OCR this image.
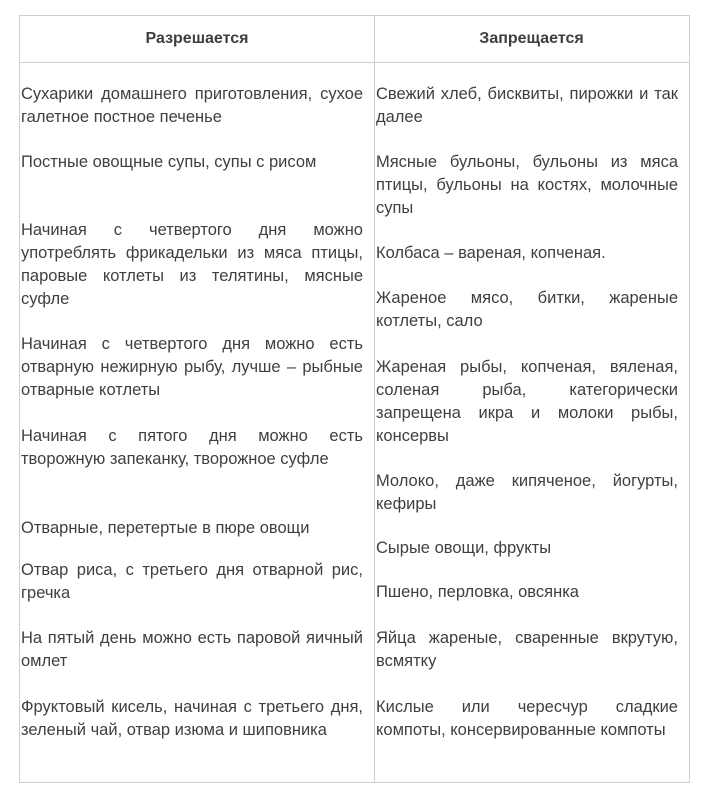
Разрешается	Запрещается
Сухарики домашнего приготовления, сухое галетное постное печенье
Постные овощные супы, супы с рисом
Начиная с четвертого дня можно употреблять фрикадельки из мяса птицы, паровые котлеты из телятины, мясные суфле
Начиная с четвертого дня можно есть отварную нежирную рыбу, лучше – рыбные отварные котлеты
Начиная с пятого дня можно есть творожную запеканку, творожное суфле
Отварные, перетертые в пюре овощи
Отвар риса, с третьего дня отварной рис, гречка
На пятый день можно есть паровой яичный омлет
Фруктовый кисель, начиная с третьего дня, зеленый чай, отвар изюма и шиповника
Свежий хлеб, бисквиты, пирожки и так далее
Мясные бульоны, бульоны из мяса птицы, бульоны на костях, молочные супы
Колбаса – вареная, копченая.
Жареное мясо, битки, жареные котлеты, сало
Жареная рыбы, копченая, вяленая, соленая рыба, категорически запрещена икра и молоки рыбы, консервы
Молоко, даже кипяченое, йогурты, кефиры
Сырые овощи, фрукты
Пшено, перловка, овсянка
Яйца жареные, сваренные вкрутую, всмятку
Кислые или чересчур сладкие компоты, консервированные компоты
